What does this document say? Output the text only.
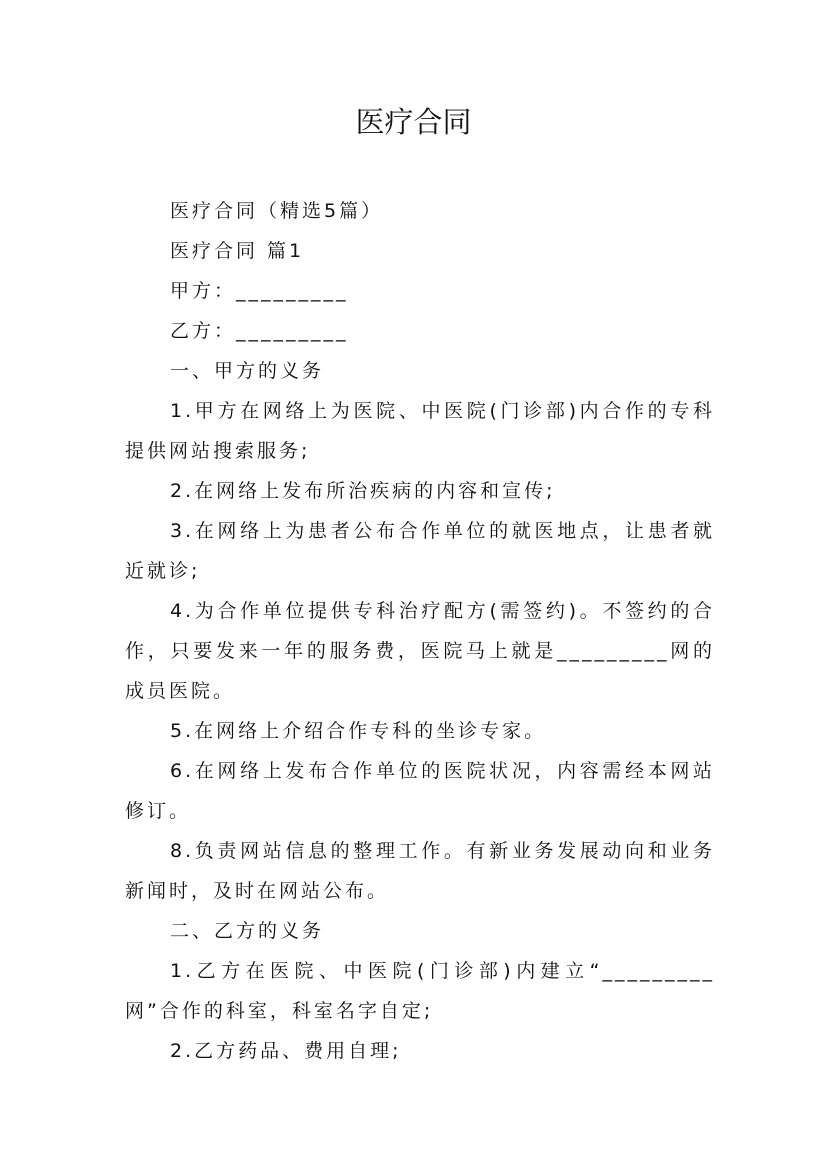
医疗合同

医疗合同（精选5篇）

医疗合同 篇1

甲方：_________

乙方：_________

一、甲方的义务

1.甲方在网络上为医院、中医院(门诊部)内合作的专科提供网站搜索服务;

2.在网络上发布所治疾病的内容和宣传;

3.在网络上为患者公布合作单位的就医地点，让患者就近就诊;

4.为合作单位提供专科治疗配方(需签约)。不签约的合作，只要发来一年的服务费，医院马上就是_________网的成员医院。

5.在网络上介绍合作专科的坐诊专家。

6.在网络上发布合作单位的医院状况，内容需经本网站修订。

8.负责网站信息的整理工作。有新业务发展动向和业务新闻时，及时在网站公布。

二、乙方的义务

1.乙方在医院、中医院(门诊部)内建立“_________网”合作的科室，科室名字自定;

2.乙方药品、费用自理;
